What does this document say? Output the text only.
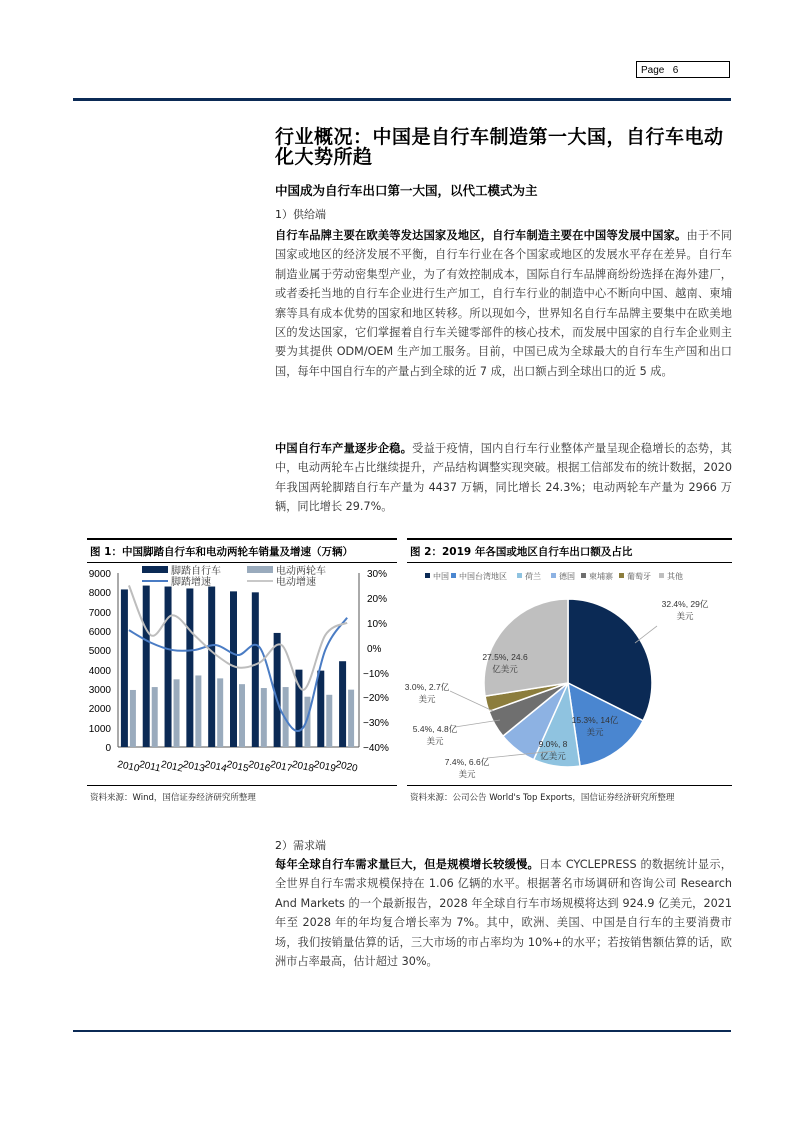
Page 6
行业概况：中国是自行车制造第一大国，自行车电动化大势所趋
中国成为自行车出口第一大国，以代工模式为主
1）供给端
自行车品牌主要在欧美等发达国家及地区，自行车制造主要在中国等发展中国家。由于不同国家或地区的经济发展不平衡，自行车行业在各个国家或地区的发展水平存在差异。自行车制造业属于劳动密集型产业，为了有效控制成本，国际自行车品牌商纷纷选择在海外建厂，或者委托当地的自行车企业进行生产加工，自行车行业的制造中心不断向中国、越南、柬埔寨等具有成本优势的国家和地区转移。所以现如今，世界知名自行车品牌主要集中在欧美地区的发达国家，它们掌握着自行车关键零部件的核心技术，而发展中国家的自行车企业则主要为其提供 ODM/OEM 生产加工服务。目前，中国已成为全球最大的自行车生产国和出口国，每年中国自行车的产量占到全球的近 7 成，出口额占到全球出口的近 5 成。
中国自行车产量逐步企稳。受益于疫情，国内自行车行业整体产量呈现企稳增长的态势，其中，电动两轮车占比继续提升，产品结构调整实现突破。根据工信部发布的统计数据，2020 年我国两轮脚踏自行车产量为 4437 万辆，同比增长 24.3%；电动两轮车产量为 2966 万辆，同比增长 29.7%。
图 1：中国脚踏自行车和电动两轮车销量及增速（万辆）
9000
8000
7000
6000
5000
4000
3000
2000
1000
0
30%
20%
10%
0%
−10%
−20%
−30%
−40%
脚踏自行车	电动两轮车
脚踏增速	电动增速
2010
2011
2012
2013
2014
2015
2016
2017
2018
2019
2020
资料来源：Wind，国信证券经济研究所整理
图 2：2019 年各国或地区自行车出口额及占比
中国 中国台湾地区 荷兰 德国 柬埔寨 葡萄牙 其他
32.4%, 29亿
美元
15.3%, 14亿
美元
9.0%, 8
亿美元
7.4%, 6.6亿
美元
5.4%, 4.8亿
美元
3.0%, 2.7亿
美元
27.5%, 24.6
亿美元
资料来源：公司公告 World's Top Exports，国信证券经济研究所整理
2）需求端
每年全球自行车需求量巨大，但是规模增长较缓慢。日本 CYCLEPRESS 的数据统计显示，全世界自行车需求规模保持在 1.06 亿辆的水平。根据著名市场调研和咨询公司 Research And Markets 的一个最新报告，2028 年全球自行车市场规模将达到 924.9 亿美元，2021 年至 2028 年的年均复合增长率为 7%。其中，欧洲、美国、中国是自行车的主要消费市场，我们按销量估算的话，三大市场的市占率均为 10%+的水平；若按销售额估算的话，欧洲市占率最高，估计超过 30%。
